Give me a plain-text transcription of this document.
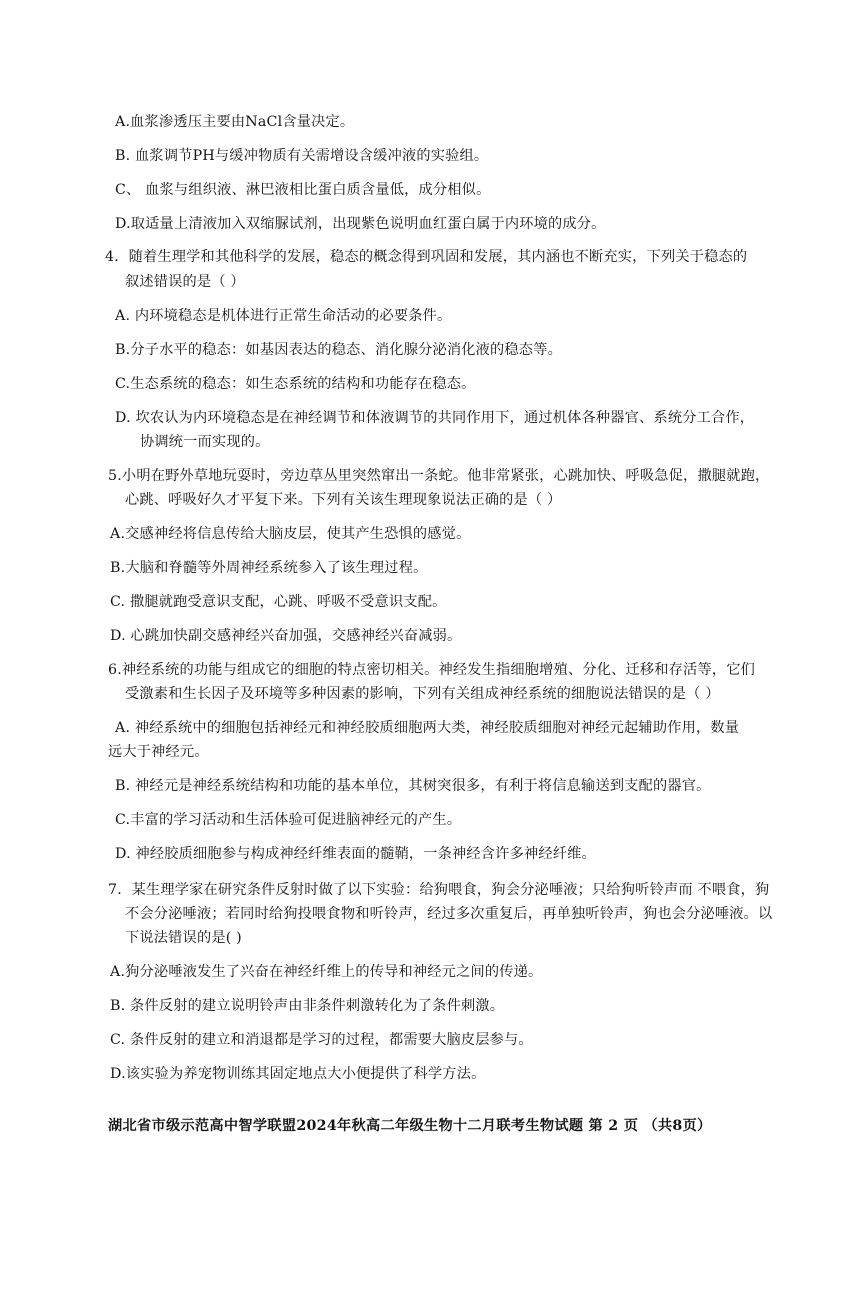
A.血浆渗透压主要由NaCl含量决定。
B. 血浆调节PH与缓冲物质有关需增设含缓冲液的实验组。
C、 血浆与组织液、淋巴液相比蛋白质含量低，成分相似。
D.取适量上清液加入双缩脲试剂，出现紫色说明血红蛋白属于内环境的成分。
4．随着生理学和其他科学的发展，稳态的概念得到巩固和发展，其内涵也不断充实，下列关于稳态的
叙述错误的是（ ）
A. 内环境稳态是机体进行正常生命活动的必要条件。
B.分子水平的稳态：如基因表达的稳态、消化腺分泌消化液的稳态等。
C.生态系统的稳态：如生态系统的结构和功能存在稳态。
D. 坎农认为内环境稳态是在神经调节和体液调节的共同作用下，通过机体各种器官、系统分工合作，
协调统一而实现的。
5.小明在野外草地玩耍时，旁边草丛里突然窜出一条蛇。他非常紧张，心跳加快、呼吸急促，撒腿就跑，
心跳、呼吸好久才平复下来。下列有关该生理现象说法正确的是（ ）
A.交感神经将信息传给大脑皮层，使其产生恐惧的感觉。
B.大脑和脊髓等外周神经系统参入了该生理过程。
C. 撒腿就跑受意识支配，心跳、呼吸不受意识支配。
D. 心跳加快副交感神经兴奋加强，交感神经兴奋减弱。
6.神经系统的功能与组成它的细胞的特点密切相关。神经发生指细胞增殖、分化、迁移和存活等，它们
受激素和生长因子及环境等多种因素的影响，下列有关组成神经系统的细胞说法错误的是（ ）
A. 神经系统中的细胞包括神经元和神经胶质细胞两大类，神经胶质细胞对神经元起辅助作用，数量
远大于神经元。
B. 神经元是神经系统结构和功能的基本单位，其树突很多，有利于将信息输送到支配的器官。
C.丰富的学习活动和生活体验可促进脑神经元的产生。
D. 神经胶质细胞参与构成神经纤维表面的髓鞘，一条神经含许多神经纤维。
7．某生理学家在研究条件反射时做了以下实验：给狗喂食，狗会分泌唾液；只给狗听铃声而 不喂食，狗
不会分泌唾液；若同时给狗投喂食物和听铃声，经过多次重复后，再单独听铃声，狗也会分泌唾液。以
下说法错误的是( )
A.狗分泌唾液发生了兴奋在神经纤维上的传导和神经元之间的传递。
B. 条件反射的建立说明铃声由非条件刺激转化为了条件刺激。
C. 条件反射的建立和消退都是学习的过程，都需要大脑皮层参与。
D.该实验为养宠物训练其固定地点大小便提供了科学方法。
湖北省市级示范高中智学联盟2024年秋高二年级生物十二月联考生物试题 第 2 页 （共8页）
